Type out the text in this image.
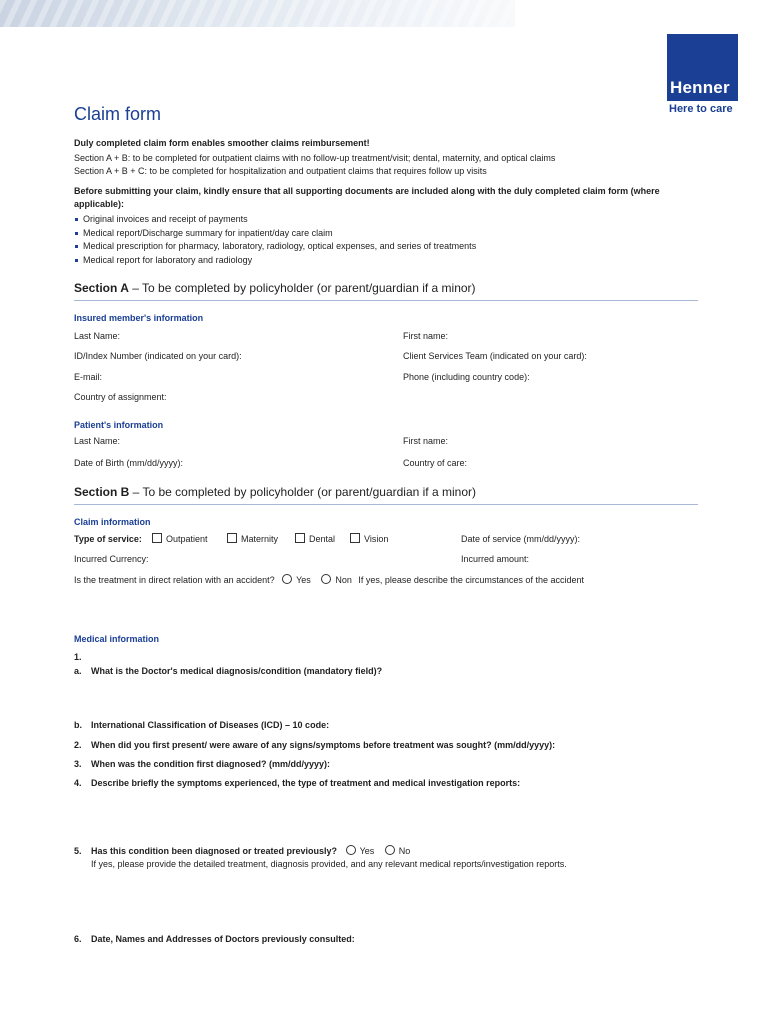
Henner
Here to care
Claim form
Duly completed claim form enables smoother claims reimbursement!
Section A + B: to be completed for outpatient claims with no follow-up treatment/visit; dental, maternity, and optical claims
Section A + B + C: to be completed for hospitalization and outpatient claims that requires follow up visits
Before submitting your claim, kindly ensure that all supporting documents are included along with the duly completed claim form (where
applicable):
Original invoices and receipt of payments
Medical report/Discharge summary for inpatient/day care claim
Medical prescription for pharmacy, laboratory, radiology, optical expenses, and series of treatments
Medical report for laboratory and radiology
Section A – To be completed by policyholder (or parent/guardian if a minor)
Insured member's information
Last Name:	First name:
ID/Index Number (indicated on your card):	Client Services Team (indicated on your card):
E-mail:	Phone (including country code):
Country of assignment:
Patient's information
Last Name:	First name:
Date of Birth (mm/dd/yyyy):	Country of care:
Section B – To be completed by policyholder (or parent/guardian if a minor)
Claim information
Type of service:	Outpatient	Maternity	Dental	Vision	Date of service (mm/dd/yyyy):
Incurred Currency:	Incurred amount:
Is the treatment in direct relation with an accident? Yes	Non If yes, please describe the circumstances of the accident
Medical information
1.
a. What is the Doctor's medical diagnosis/condition (mandatory field)?
b. International Classification of Diseases (ICD) – 10 code:
2. When did you first present/ were aware of any signs/symptoms before treatment was sought? (mm/dd/yyyy):
3. When was the condition first diagnosed? (mm/dd/yyyy):
4. Describe briefly the symptoms experienced, the type of treatment and medical investigation reports:
5. Has this condition been diagnosed or treated previously?	Yes	No
If yes, please provide the detailed treatment, diagnosis provided, and any relevant medical reports/investigation reports.
6. Date, Names and Addresses of Doctors previously consulted:
